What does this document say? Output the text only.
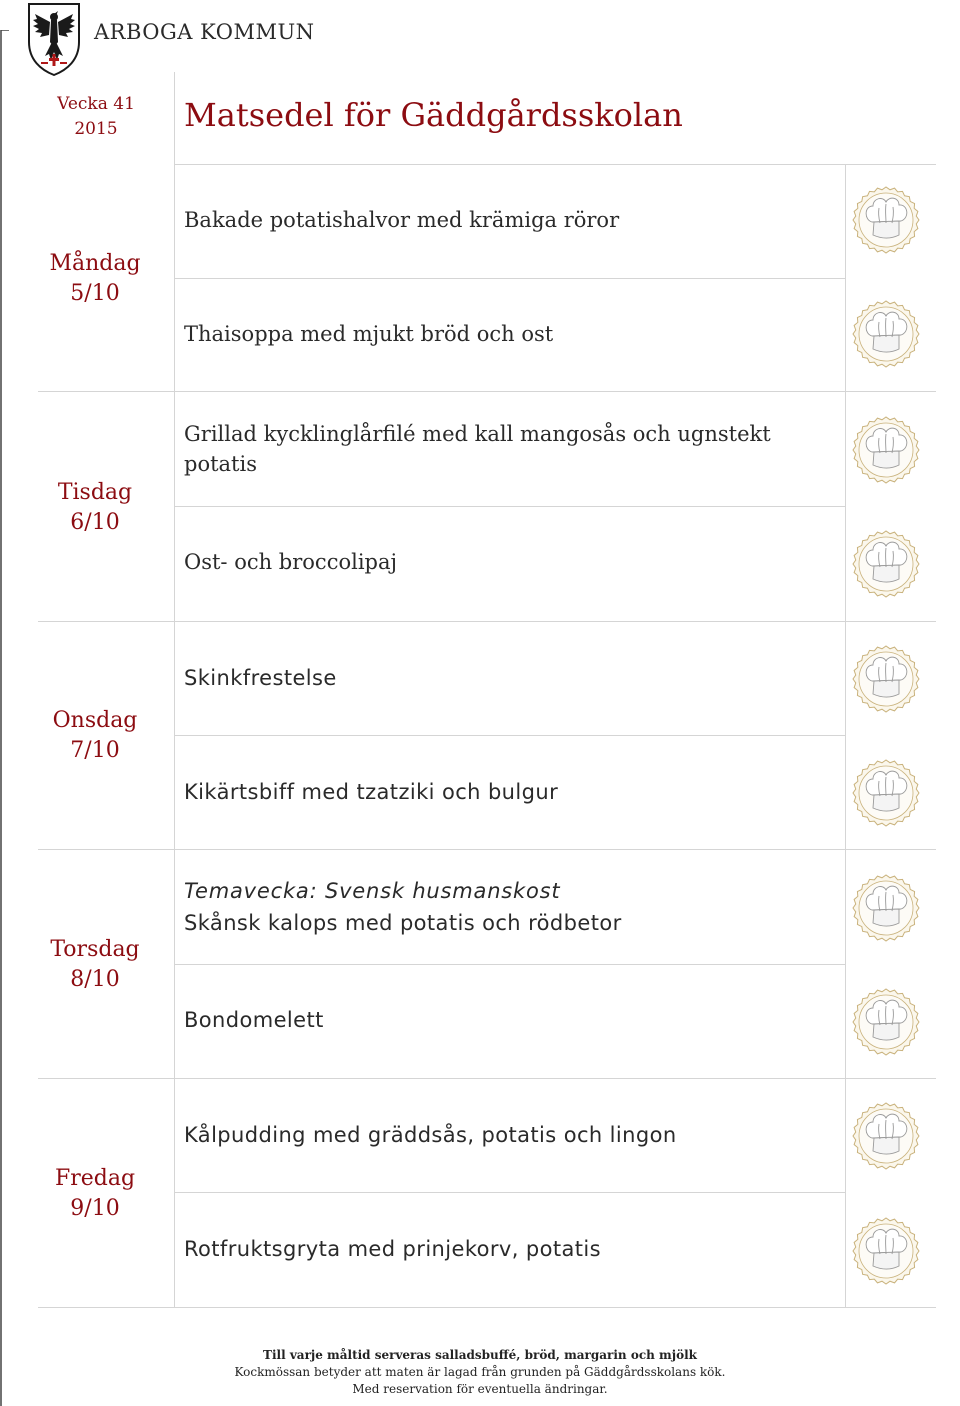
ARBOGA KOMMUN
Vecka 41
2015	Matsedel för Gäddgårdsskolan
Måndag
5/10
Bakade potatishalvor med krämiga röror
Thaisoppa med mjukt bröd och ost
Tisdag
6/10
Grillad kycklinglårfilé med kall mangosås och ugnstekt
potatis
Ost- och broccolipaj
Onsdag
7/10
Skinkfrestelse
Kikärtsbiff med tzatziki och bulgur
Torsdag
8/10
Temavecka: Svensk husmanskost
Skånsk kalops med potatis och rödbetor
Bondomelett
Fredag
9/10
Kålpudding med gräddsås, potatis och lingon
Rotfruktsgryta med prinjekorv, potatis
Till varje måltid serveras salladsbuffé, bröd, margarin och mjölk
Kockmössan betyder att maten är lagad från grunden på Gäddgårdsskolans kök.
Med reservation för eventuella ändringar.
